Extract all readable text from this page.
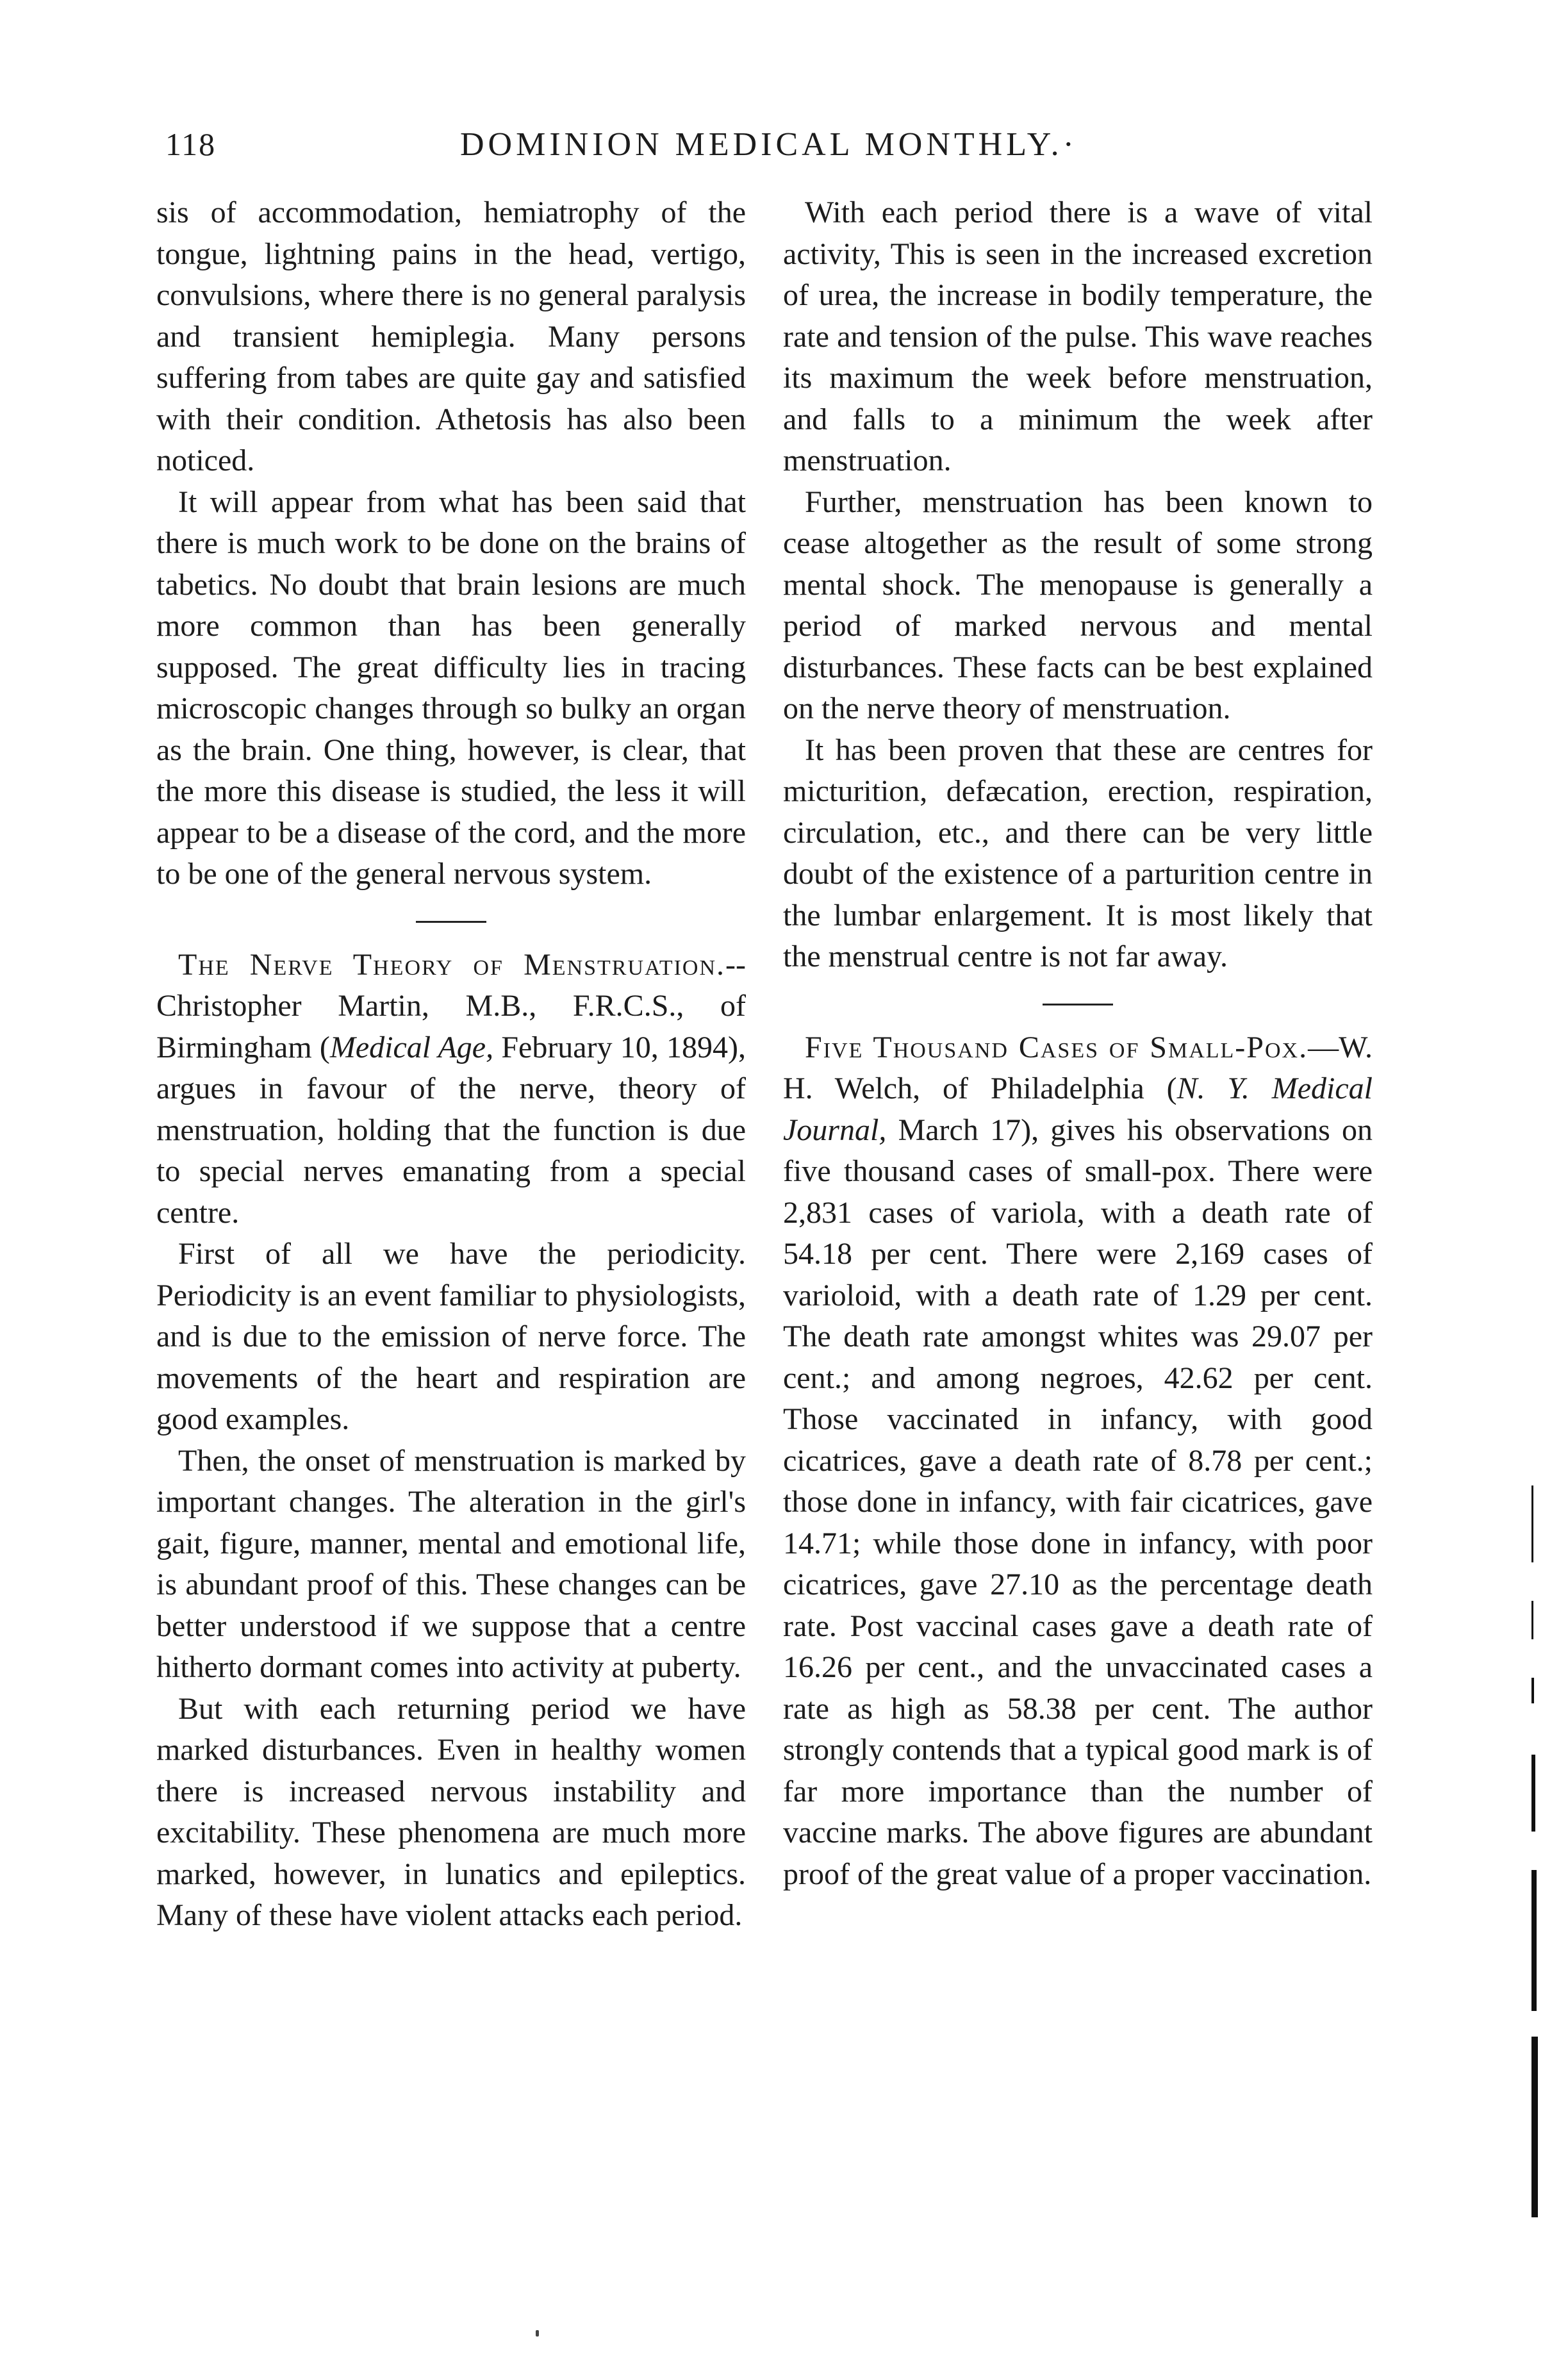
118	DOMINION MEDICAL MONTHLY.·

sis of accommodation, hemiatrophy of the tongue, lightning pains in the head, vertigo, convulsions, where there is no general paralysis and transient hemiplegia. Many persons suffering from tabes are quite gay and satisfied with their condition. Athetosis has also been noticed.

It will appear from what has been said that there is much work to be done on the brains of tabetics. No doubt that brain lesions are much more common than has been generally supposed. The great difficulty lies in tracing microscopic changes through so bulky an organ as the brain. One thing, however, is clear, that the more this disease is studied, the less it will appear to be a disease of the cord, and the more to be one of the general nervous system.

The Nerve Theory of Menstruation.--Christopher Martin, M.B., F.R.C.S., of Birmingham (Medical Age, February 10, 1894), argues in favour of the nerve, theory of menstruation, holding that the function is due to special nerves emanating from a special centre.

First of all we have the periodicity. Periodicity is an event familiar to physiologists, and is due to the emission of nerve force. The movements of the heart and respiration are good examples.

Then, the onset of menstruation is marked by important changes. The alteration in the girl's gait, figure, manner, mental and emotional life, is abundant proof of this. These changes can be better understood if we suppose that a centre hitherto dormant comes into activity at puberty.

But with each returning period we have marked disturbances. Even in healthy women there is increased nervous instability and excitability. These phenomena are much more marked, however, in lunatics and epileptics. Many of these have violent attacks each period.

With each period there is a wave of vital activity, This is seen in the increased excretion of urea, the increase in bodily temperature, the rate and tension of the pulse. This wave reaches its maximum the week before menstruation, and falls to a minimum the week after menstruation.

Further, menstruation has been known to cease altogether as the result of some strong mental shock. The menopause is generally a period of marked nervous and mental disturbances. These facts can be best explained on the nerve theory of menstruation.

It has been proven that these are centres for micturition, defæcation, erection, respiration, circulation, etc., and there can be very little doubt of the existence of a parturition centre in the lumbar enlargement. It is most likely that the menstrual centre is not far away.

Five Thousand Cases of Small-Pox.—W. H. Welch, of Philadelphia (N. Y. Medical Journal, March 17), gives his observations on five thousand cases of small-pox. There were 2,831 cases of variola, with a death rate of 54.18 per cent. There were 2,169 cases of varioloid, with a death rate of 1.29 per cent. The death rate amongst whites was 29.07 per cent.; and among negroes, 42.62 per cent. Those vaccinated in infancy, with good cicatrices, gave a death rate of 8.78 per cent.; those done in infancy, with fair cicatrices, gave 14.71; while those done in infancy, with poor cicatrices, gave 27.10 as the percentage death rate. Post vaccinal cases gave a death rate of 16.26 per cent., and the unvaccinated cases a rate as high as 58.38 per cent. The author strongly contends that a typical good mark is of far more importance than the number of vaccine marks. The above figures are abundant proof of the great value of a proper vaccination.
